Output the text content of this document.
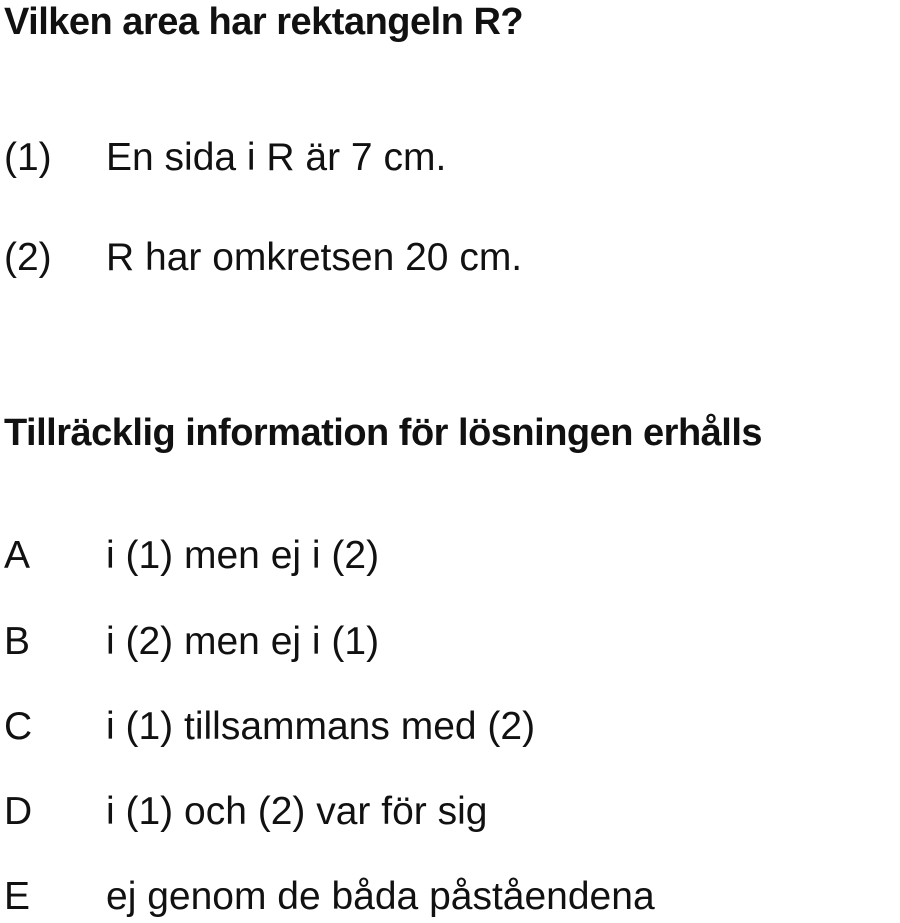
Vilken area har rektangeln R?
(1) En sida i R är 7 cm.
(2) R har omkretsen 20 cm.
Tillräcklig information för lösningen erhålls
A i (1) men ej i (2)
B i (2) men ej i (1)
C i (1) tillsammans med (2)
D i (1) och (2) var för sig
E ej genom de båda påståendena
